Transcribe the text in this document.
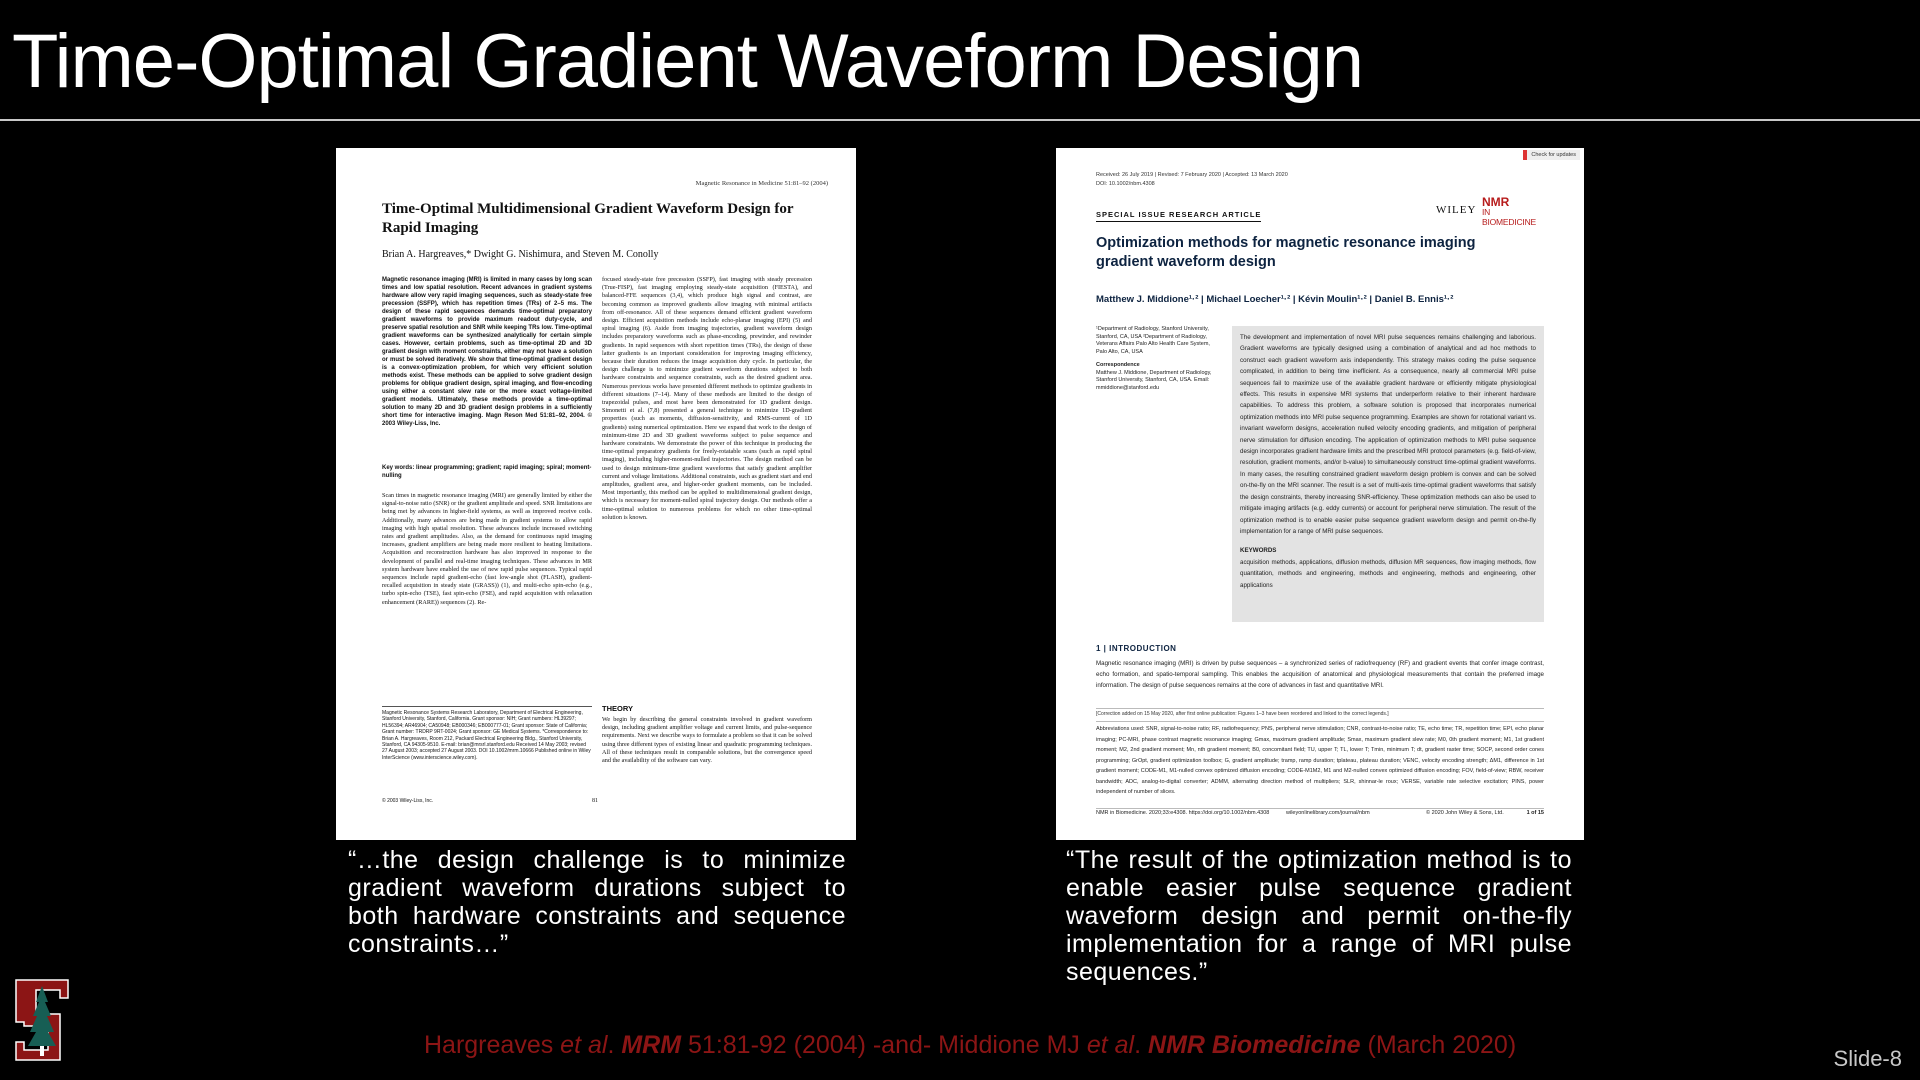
Time-Optimal Gradient Waveform Design
Magnetic Resonance in Medicine 51:81–92 (2004)
Time-Optimal Multidimensional Gradient Waveform Design for Rapid Imaging
Brian A. Hargreaves,* Dwight G. Nishimura, and Steven M. Conolly
Magnetic resonance imaging (MRI) is limited in many cases by long scan times and low spatial resolution. Recent advances in gradient systems hardware allow very rapid imaging sequences, such as steady-state free precession (SSFP), which has repetition times (TRs) of 2–5 ms. The design of these rapid sequences demands time-optimal preparatory gradient waveforms to provide maximum readout duty-cycle, and preserve spatial resolution and SNR while keeping TRs low. Time-optimal gradient waveforms can be synthesized analytically for certain simple cases. However, certain problems, such as time-optimal 2D and 3D gradient design with moment constraints, either may not have a solution or must be solved iteratively. We show that time-optimal gradient design is a convex-optimization problem, for which very efficient solution methods exist. These methods can be applied to solve gradient design problems for oblique gradient design, spiral imaging, and flow-encoding using either a constant slew rate or the more exact voltage-limited gradient models. Ultimately, these methods provide a time-optimal solution to many 2D and 3D gradient design problems in a sufficiently short time for interactive imaging. Magn Reson Med 51:81–92, 2004. © 2003 Wiley-Liss, Inc.
Key words: linear programming; gradient; rapid imaging; spiral; moment-nulling
Scan times in magnetic resonance imaging (MRI) are generally limited by either the signal-to-noise ratio (SNR) or the gradient amplitude and speed. SNR limitations are being met by advances in higher-field systems, as well as improved receive coils. Additionally, many advances are being made in gradient systems to allow rapid imaging with high spatial resolution. These advances include increased switching rates and gradient amplitudes. Also, as the demand for continuous rapid imaging increases, gradient amplifiers are being made more resilient to heating limitations. Acquisition and reconstruction hardware has also improved in response to the development of parallel and real-time imaging techniques. These advances in MR system hardware have enabled the use of new rapid pulse sequences. Typical rapid sequences include rapid gradient-echo (fast low-angle shot (FLASH), gradient-recalled acquisition in steady state (GRASS)) (1), and multi-echo spin-echo (e.g., turbo spin-echo (TSE), fast spin-echo (FSE), and rapid acquisition with relaxation enhancement (RARE)) sequences (2). Re-
focused steady-state free precession (SSFP), fast imaging with steady precession (True-FISP), fast imaging employing steady-state acquisition (FIESTA), and balanced-FFE sequences (3,4), which produce high signal and contrast, are becoming common as improved gradients allow imaging with minimal artifacts from off-resonance. All of these sequences demand efficient gradient waveform design. Efficient acquisition methods include echo-planar imaging (EPI) (5) and spiral imaging (6). Aside from imaging trajectories, gradient waveform design includes preparatory waveforms such as phase-encoding, prewinder, and rewinder gradients. In rapid sequences with short repetition times (TRs), the design of these latter gradients is an important consideration for improving imaging efficiency, because their duration reduces the image acquisition duty cycle. In particular, the design challenge is to minimize gradient waveform durations subject to both hardware constraints and sequence constraints, such as the desired gradient area. Numerous previous works have presented different methods to optimize gradients in different situations (7–14). Many of these methods are limited to the design of trapezoidal pulses, and most have been demonstrated for 1D gradient design. Simonetti et al. (7,8) presented a general technique to minimize 1D-gradient properties (such as moments, diffusion-sensitivity, and RMS-current of 1D gradients) using numerical optimization. Here we expand that work to the design of minimum-time 2D and 3D gradient waveforms subject to pulse sequence and hardware constraints. We demonstrate the power of this technique in producing the time-optimal preparatory gradients for freely-rotatable scans (such as rapid spiral imaging), including higher-moment-nulled trajectories. The design method can be used to design minimum-time gradient waveforms that satisfy gradient amplifier current and voltage limitations. Additional constraints, such as gradient start and end amplitudes, gradient area, and higher-order gradient moments, can be included. Most importantly, this method can be applied to multidimensional gradient design, which is necessary for moment-nulled spiral trajectory design. Our methods offer a time-optimal solution to numerous problems for which no other time-optimal solution is known.
Magnetic Resonance Systems Research Laboratory, Department of Electrical Engineering, Stanford University, Stanford, California. Grant sponsor: NIH; Grant numbers: HL39297; HL56394; AR46904; CA50948; EB000346; EB000777-01; Grant sponsor: State of California; Grant number: TRDRP 9RT-0024; Grant sponsor: GE Medical Systems. *Correspondence to: Brian A. Hargreaves, Room 212, Packard Electrical Engineering Bldg., Stanford University, Stanford, CA 94305-9510. E-mail: brian@mrsrl.stanford.edu Received 14 May 2003; revised 27 August 2003; accepted 27 August 2003. DOI 10.1002/mrm.10666 Published online in Wiley InterScience (www.interscience.wiley.com).
THEORY
We begin by describing the general constraints involved in gradient waveform design, including gradient amplifier voltage and current limits, and pulse-sequence requirements. Next we describe ways to formulate a problem so that it can be solved using three different types of existing linear and quadratic programming techniques. All of these techniques result in comparable solutions, but the convergence speed and the availability of the software can vary.
© 2003 Wiley-Liss, Inc.	81
Check for updates
Received: 26 July 2019 | Revised: 7 February 2020 | Accepted: 13 March 2020
DOI: 10.1002/nbm.4308
WILEY
NMR
IN BIOMEDICINE
SPECIAL ISSUE RESEARCH ARTICLE
Optimization methods for magnetic resonance imaging gradient waveform design
Matthew J. Middione¹·² | Michael Loecher¹·² | Kévin Moulin¹·² | Daniel B. Ennis¹·²
¹Department of Radiology, Stanford University, Stanford, CA, USA ²Department of Radiology, Veterans Affairs Palo Alto Health Care System, Palo Alto, CA, USA
Correspondence
Matthew J. Middione, Department of Radiology, Stanford University, Stanford, CA, USA. Email: mmiddione@stanford.edu
The development and implementation of novel MRI pulse sequences remains challenging and laborious. Gradient waveforms are typically designed using a combination of analytical and ad hoc methods to construct each gradient waveform axis independently. This strategy makes coding the pulse sequence complicated, in addition to being time inefficient. As a consequence, nearly all commercial MRI pulse sequences fail to maximize use of the available gradient hardware or efficiently mitigate physiological effects. This results in expensive MRI systems that underperform relative to their inherent hardware capabilities. To address this problem, a software solution is proposed that incorporates numerical optimization methods into MRI pulse sequence programming. Examples are shown for rotational variant vs. invariant waveform designs, acceleration nulled velocity encoding gradients, and mitigation of peripheral nerve stimulation for diffusion encoding. The application of optimization methods to MRI pulse sequence design incorporates gradient hardware limits and the prescribed MRI protocol parameters (e.g. field-of-view, resolution, gradient moments, and/or b-value) to simultaneously construct time-optimal gradient waveforms. In many cases, the resulting constrained gradient waveform design problem is convex and can be solved on-the-fly on the MRI scanner. The result is a set of multi-axis time-optimal gradient waveforms that satisfy the design constraints, thereby increasing SNR-efficiency. These optimization methods can also be used to mitigate imaging artifacts (e.g. eddy currents) or account for peripheral nerve stimulation. The result of the optimization method is to enable easier pulse sequence gradient waveform design and permit on-the-fly implementation for a range of MRI pulse sequences.
KEYWORDS
acquisition methods, applications, diffusion methods, diffusion MR sequences, flow imaging methods, flow quantitation, methods and engineering, methods and engineering, methods and engineering, other applications
1 | INTRODUCTION
Magnetic resonance imaging (MRI) is driven by pulse sequences – a synchronized series of radiofrequency (RF) and gradient events that confer image contrast, echo formation, and spatio-temporal sampling. This enables the acquisition of anatomical and physiological measurements that contain the preferred image information. The design of pulse sequences remains at the core of advances in fast and quantitative MRI.
[Correction added on 15 May 2020, after first online publication: Figures 1–3 have been reordered and linked to the correct legends.]
Abbreviations used: SNR, signal-to-noise ratio; RF, radiofrequency; PNS, peripheral nerve stimulation; CNR, contrast-to-noise ratio; TE, echo time; TR, repetition time; EPI, echo planar imaging; PC-MRI, phase contrast magnetic resonance imaging; Gmax, maximum gradient amplitude; Smax, maximum gradient slew rate; M0, 0th gradient moment; M1, 1st gradient moment; M2, 2nd gradient moment; Mn, nth gradient moment; B0, concomitant field; TU, upper T; TL, lower T; Tmin, minimum T; dt, gradient raster time; SOCP, second order cones programming; GrOpt, gradient optimization toolbox; G, gradient amplitude; tramp, ramp duration; tplateau, plateau duration; VENC, velocity encoding strength; ΔM1, difference in 1st gradient moment; CODE-M1, M1-nulled convex optimized diffusion encoding; CODE-M1M2, M1 and M2-nulled convex optimized diffusion encoding; FOV, field-of-view; RBW, receiver bandwidth; ADC, analog-to-digital converter; ADMM, alternating direction method of multipliers; SLR, shinnar-le roux; VERSE, variable rate selective excitation; PINS, power independent of number of slices.
NMR in Biomedicine. 2020;33:e4308. https://doi.org/10.1002/nbm.4308	wileyonlinelibrary.com/journal/nbm	© 2020 John Wiley & Sons, Ltd.	1 of 15
“…the design challenge is to minimize gradient waveform durations subject to both hardware constraints and sequence constraints…”
“The result of the optimization method is to enable easier pulse sequence gradient waveform design and permit on-the-fly implementation for a range of MRI pulse sequences.”
Hargreaves et al. MRM 51:81-92 (2004) -and- Middione MJ et al. NMR Biomedicine (March 2020)	Slide-8
